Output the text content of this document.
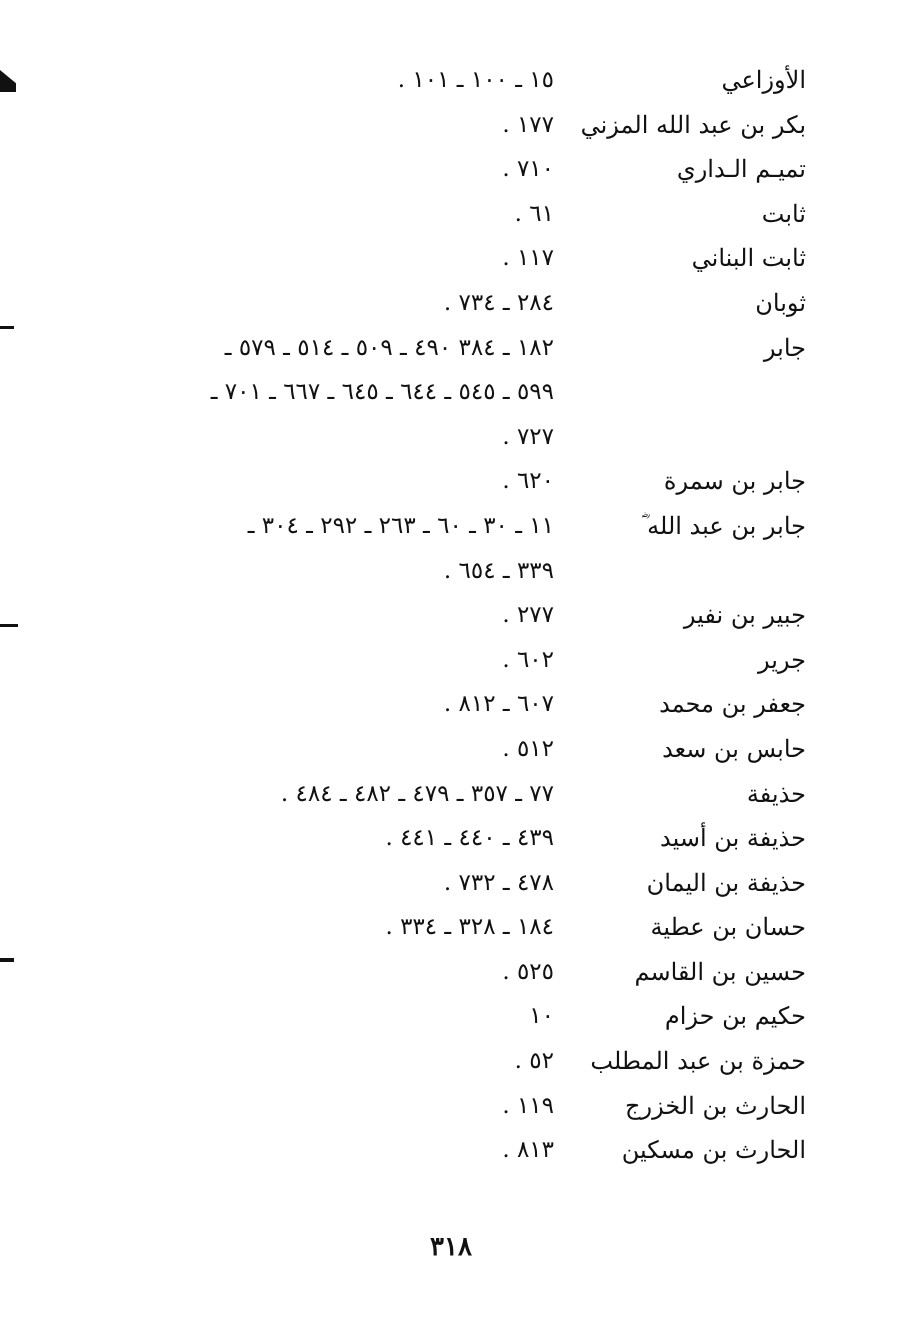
الأوزاعي
١٥ ـ ١٠٠ ـ ١٠١ .
بكر بن عبد الله المزني
١٧٧ .
تميـم الـداري
٧١٠ .
ثابت
٦١ .
ثابت البناني
١١٧ .
ثوبان
٢٨٤ ـ ٧٣٤ .
جابر
١٨٢ ـ ٣٨٤ ٤٩٠ ـ ٥٠٩ ـ ٥١٤ ـ ٥٧٩ ـ
٥٩٩ ـ ٥٤٥ ـ ٦٤٤ ـ ٦٤٥ ـ ٦٦٧ ـ ٧٠١ ـ
٧٢٧ .
جابر بن سمرة
٦٢٠ .
جابر بن عبد الله ؓ
١١ ـ ٣٠ ـ ٦٠ ـ ٢٦٣ ـ ٢٩٢ ـ ٣٠٤ ـ
٣٣٩ ـ ٦٥٤ .
جبير بن نفير
٢٧٧ .
جرير
٦٠٢ .
جعفر بن محمد
٦٠٧ ـ ٨١٢ .
حابس بن سعد
٥١٢ .
حذيفة
٧٧ ـ ٣٥٧ ـ ٤٧٩ ـ ٤٨٢ ـ ٤٨٤ .
حذيفة بن أسيد
٤٣٩ ـ ٤٤٠ ـ ٤٤١ .
حذيفة بن اليمان
٤٧٨ ـ ٧٣٢ .
حسان بن عطية
١٨٤ ـ ٣٢٨ ـ ٣٣٤ .
حسين بن القاسم
٥٢٥ .
حكيم بن حزام
١٠
حمزة بن عبد المطلب
٥٢ .
الحارث بن الخزرج
١١٩ .
الحارث بن مسكين
٨١٣ .
٣١٨
